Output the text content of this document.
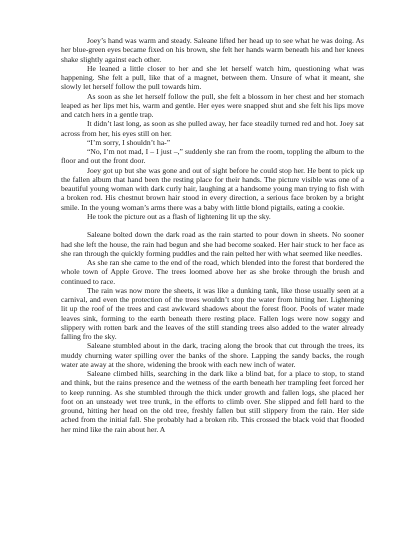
Joey’s hand was warm and steady. Saleane lifted her head up to see what he was doing. As her blue-green eyes became fixed on his brown, she felt her hands warm beneath his and her knees shake slightly against each other.

He leaned a little closer to her and she let herself watch him, questioning what was happening. She felt a pull, like that of a magnet, between them. Unsure of what it meant, she slowly let herself follow the pull towards him.

As soon as she let herself follow the pull, she felt a blossom in her chest and her stomach leaped as her lips met his, warm and gentle. Her eyes were snapped shut and she felt his lips move and catch hers in a gentle trap.

It didn’t last long, as soon as she pulled away, her face steadily turned red and hot. Joey sat across from her, his eyes still on her.

“I’m sorry, I shouldn’t ha-”

“No, I’m not mad, I – I just –,” suddenly she ran from the room, toppling the album to the floor and out the front door.

Joey got up but she was gone and out of sight before he could stop her. He bent to pick up the fallen album that hand been the resting place for their hands. The picture visible was one of a beautiful young woman with dark curly hair, laughing at a handsome young man trying to fish with a broken rod. His chestnut brown hair stood in every direction, a serious face broken by a bright smile. In the young woman’s arms there was a baby with little blond pigtails, eating a cookie.

He took the picture out as a flash of lightening lit up the sky.

Saleane bolted down the dark road as the rain started to pour down in sheets. No sooner had she left the house, the rain had begun and she had become soaked. Her hair stuck to her face as she ran through the quickly forming puddles and the rain pelted her with what seemed like needles.

As she ran she came to the end of the road, which blended into the forest that bordered the whole town of Apple Grove. The trees loomed above her as she broke through the brush and continued to race.

The rain was now more the sheets, it was like a dunking tank, like those usually seen at a carnival, and even the protection of the trees wouldn’t stop the water from hitting her. Lightening lit up the roof of the trees and cast awkward shadows about the forest floor. Pools of water made leaves sink, forming to the earth beneath there resting place. Fallen logs were now soggy and slippery with rotten bark and the leaves of the still standing trees also added to the water already falling fro the sky.

Saleane stumbled about in the dark, tracing along the brook that cut through the trees, its muddy churning water spilling over the banks of the shore. Lapping the sandy backs, the rough water ate away at the shore, widening the brook with each new inch of water.

Saleane climbed hills, searching in the dark like a blind bat, for a place to stop, to stand and think, but the rains presence and the wetness of the earth beneath her trampling feet forced her to keep running. As she stumbled through the thick under growth and fallen logs, she placed her foot on an unsteady wet tree trunk, in the efforts to climb over. She slipped and fell hard to the ground, hitting her head on the old tree, freshly fallen but still slippery from the rain. Her side ached from the initial fall. She probably had a broken rib. This crossed the black void that flooded her mind like the rain about her. A
